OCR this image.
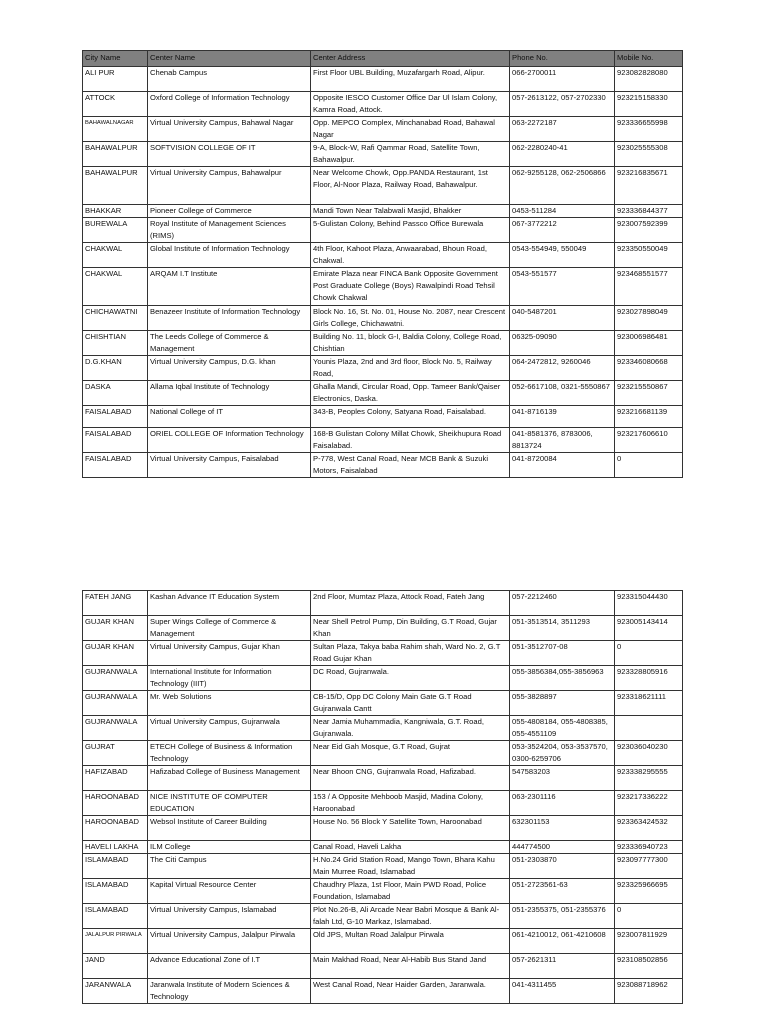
City Name	Center Name	Center Address	Phone No.	Mobile No.
ALI PUR	Chenab Campus	First Floor UBL Building, Muzafargarh Road, Alipur.	066-2700011	923082828080
ATTOCK	Oxford College of Information Technology	Opposite IESCO Customer Office Dar Ul Islam Colony, Kamra Road, Attock.	057-2613122, 057-2702330	923215158330
BAHAWALNAGAR	Virtual University Campus, Bahawal Nagar	Opp. MEPCO Complex, Minchanabad Road, Bahawal Nagar	063-2272187	923336655998
BAHAWALPUR	SOFTVISION COLLEGE OF IT	9-A, Block-W, Rafi Qammar Road, Satellite Town, Bahawalpur.	062-2280240-41	923025555308
BAHAWALPUR	Virtual University Campus, Bahawalpur	Near Welcome Chowk, Opp.PANDA Restaurant, 1st Floor, Al-Noor Plaza, Railway Road, Bahawalpur.	062-9255128, 062-2506866	923216835671
BHAKKAR	Pioneer College of Commerce	Mandi Town Near Talabwali Masjid, Bhakker	0453-511284	923336844377
BUREWALA	Royal Institute of Management Sciences (RIMS)	5-Gulistan Colony, Behind Passco Office Burewala	067-3772212	923007592399
CHAKWAL	Global Institute of Information Technology	4th Floor, Kahoot Plaza, Anwaarabad, Bhoun Road, Chakwal.	0543-554949, 550049	923350550049
CHAKWAL	ARQAM I.T Institute	Emirate Plaza near FINCA Bank Opposite Government Post Graduate College (Boys) Rawalpindi Road Tehsil Chowk Chakwal	0543-551577	923468551577
CHICHAWATNI	Benazeer Institute of Information Technology	Block No. 16, St. No. 01, House No. 2087, near Crescent Girls College, Chichawatni.	040-5487201	923027898049
CHISHTIAN	The Leeds College of Commerce & Management	Building No. 11, block G-I, Baldia Colony, College Road, Chishtian	06325-09090	923006986481
D.G.KHAN	Virtual University Campus, D.G. khan	Younis Plaza, 2nd and 3rd floor, Block No. 5, Railway Road,	064-2472812, 9260046	923346080668
DASKA	Allama Iqbal Institute of Technology	Ghalla Mandi, Circular Road, Opp. Tameer Bank/Qaiser Electronics, Daska.	052-6617108, 0321-5550867	923215550867
FAISALABAD	National College of IT	343-B, Peoples Colony, Satyana Road, Faisalabad.	041-8716139	923216681139
FAISALABAD	ORIEL COLLEGE OF Information Technology	168-B Gulistan Colony Millat Chowk, Sheikhupura Road Faisalabad.	041-8581376, 8783006, 8813724	923217606610
FAISALABAD	Virtual University Campus, Faisalabad	P-778, West Canal Road, Near MCB Bank & Suzuki Motors, Faisalabad	041-8720084	0
FATEH JANG	Kashan Advance IT Education System	2nd Floor, Mumtaz Plaza, Attock Road, Fateh Jang	057-2212460	923315044430
GUJAR KHAN	Super Wings College of Commerce & Management	Near Shell Petrol Pump, Din Building, G.T Road, Gujar Khan	051-3513514, 3511293	923005143414
GUJAR KHAN	Virtual University Campus, Gujar Khan	Sultan Plaza, Takya baba Rahim shah, Ward No. 2, G.T Road Gujar Khan	051-3512707-08	0
GUJRANWALA	International Institute for Information Technology (IIIT)	DC Road, Gujranwala.	055-3856384,055-3856963	923328805916
GUJRANWALA	Mr. Web Solutions	CB-15/D, Opp DC Colony Main Gate G.T Road Gujranwala Cantt	055-3828897	923318621111
GUJRANWALA	Virtual University Campus, Gujranwala	Near Jamia Muhammadia, Kangniwala, G.T. Road, Gujranwala.	055-4808184, 055-4808385, 055-4551109	
GUJRAT	ETECH College of Business & Information Technology	Near Eid Gah Mosque, G.T Road, Gujrat	053-3524204, 053-3537570, 0300-6259706	923036040230
HAFIZABAD	Hafizabad College of Business Management	Near Bhoon CNG, Gujranwala Road, Hafizabad.	547583203	923338295555
HAROONABAD	NICE INSTITUTE OF COMPUTER EDUCATION	153 / A Opposite Mehboob Masjid, Madina Colony, Haroonabad	063-2301116	923217336222
HAROONABAD	Websol Institute of Career Building	House No. 56 Block Y Satellite Town, Haroonabad	632301153	923363424532
HAVELI LAKHA	ILM College	Canal Road, Haveli Lakha	444774500	923336940723
ISLAMABAD	The Citi Campus	H.No.24 Grid Station Road, Mango Town, Bhara Kahu Main Murree Road, Islamabad	051-2303870	923097777300
ISLAMABAD	Kapital Virtual Resource Center	Chaudhry Plaza, 1st Floor, Main PWD Road, Police Foundation, Islamabad	051-2723561-63	923325966695
ISLAMABAD	Virtual University Campus, Islamabad	Plot No.26-B, Ali Arcade Near Babri Mosque & Bank Al-falah Ltd, G-10 Markaz, Islamabad.	051-2355375, 051-2355376	0
JALALPUR PIRWALA	Virtual University Campus, Jalalpur Pirwala	Old JPS, Multan Road Jalalpur Pirwala	061-4210012, 061-4210608	923007811929
JAND	Advance Educational Zone of I.T	Main Makhad Road, Near Al-Habib Bus Stand Jand	057-2621311	923108502856
JARANWALA	Jaranwala Institute of Modern Sciences & Technology	West Canal Road, Near Haider Garden, Jaranwala.	041-4311455	923088718962
